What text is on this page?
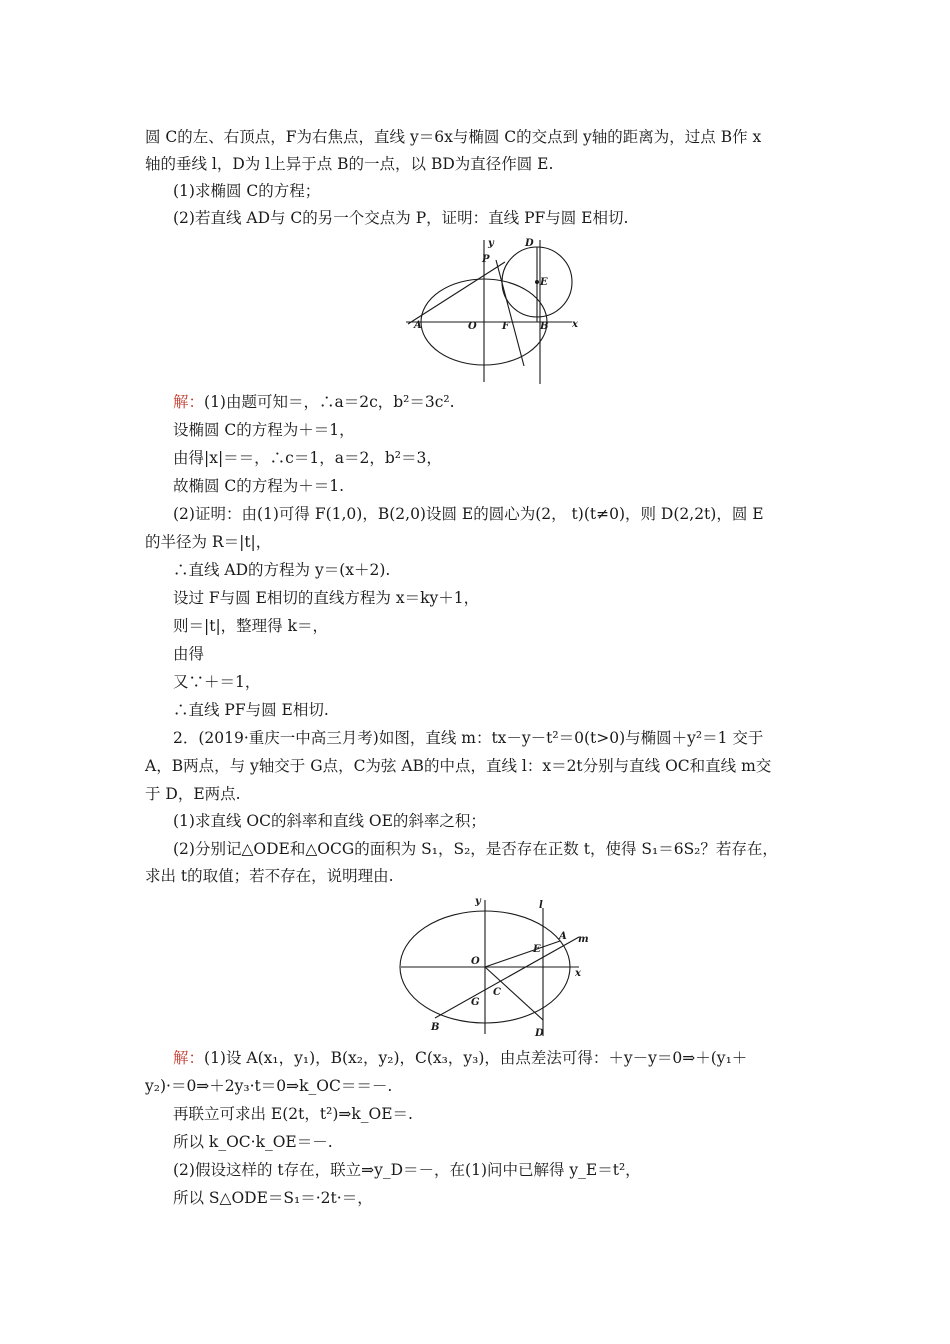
圆 C的左、右顶点，F为右焦点，直线 y＝6x与椭圆 C的交点到 y轴的距离为，过点 B作 x
轴的垂线 l，D为 l上异于点 B的一点，以 BD为直径作圆 E.
(1)求椭圆 C的方程；
(2)若直线 AD与 C的另一个交点为 P，证明：直线 PF与圆 E相切.
y	D
P
E
A	O	F	B x
解：(1)由题可知＝，∴a＝2c，b²＝3c².
设椭圆 C的方程为＋＝1，
由得|x|＝＝，∴c＝1，a＝2，b²＝3，
故椭圆 C的方程为＋＝1.
(2)证明：由(1)可得 F(1,0)，B(2,0)设圆 E的圆心为(2， t)(t≠0)，则 D(2,2t)，圆 E
的半径为 R＝|t|，
∴直线 AD的方程为 y＝(x＋2).
设过 F与圆 E相切的直线方程为 x＝ky＋1，
则＝|t|，整理得 k＝，
由得
又∵＋＝1，
∴直线 PF与圆 E相切.
2．(2019·重庆一中高三月考)如图，直线 m：tx－y－t²＝0(t>0)与椭圆＋y²＝1 交于
A，B两点，与 y轴交于 G点，C为弦 AB的中点，直线 l：x＝2t分别与直线 OC和直线 m交
于 D，E两点.
(1)求直线 OC的斜率和直线 OE的斜率之积；
(2)分别记△ODE和△OCG的面积为 S₁，S₂，是否存在正数 t，使得 S₁＝6S₂？若存在，
求出 t的取值；若不存在，说明理由.
y	l
A m
E
O
x
C
G
B
D
解：(1)设 A(x₁，y₁)，B(x₂，y₂)，C(x₃，y₃)，由点差法可得：＋y－y＝0⇒＋(y₁＋
y₂)·＝0⇒＋2y₃·t＝0⇒k_OC＝＝－.
再联立可求出 E(2t，t²)⇒k_OE＝.
所以 k_OC·k_OE＝－.
(2)假设这样的 t存在，联立⇒y_D＝－，在(1)问中已解得 y_E＝t²，
所以 S△ODE＝S₁＝·2t·＝，
